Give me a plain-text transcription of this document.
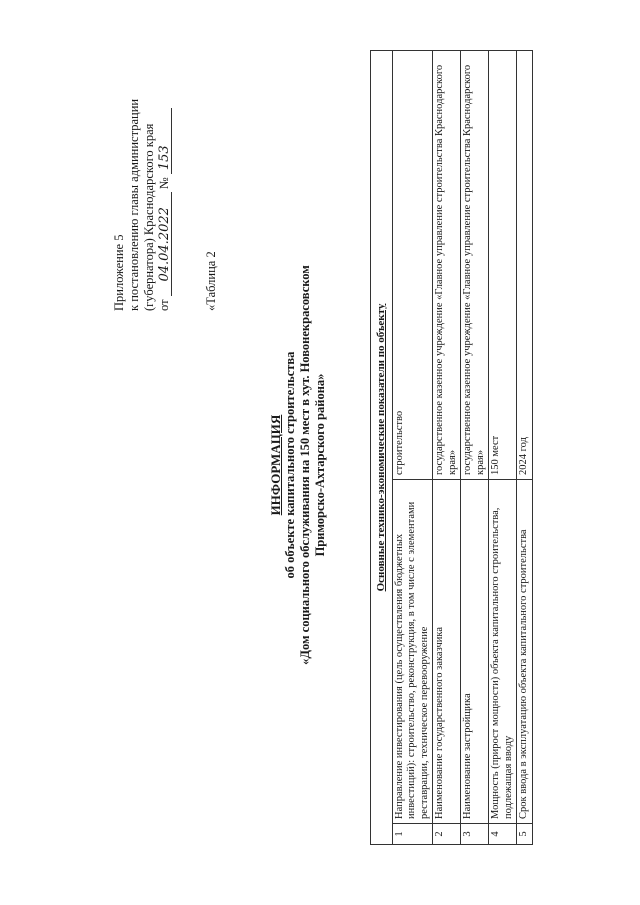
Приложение 5 к постановлению главы администрации (губернатора) Краснодарского края от 04.04.2022 № 153
«Таблица 2
ИНФОРМАЦИЯ об объекте капитального строительства «Дом социального обслуживания на 150 мест в хут. Новонекрасовском Приморско-Ахтарского района»	Основные технико-экономические показатели по объекту		
1	Направление инвестирования (цель осуществления бюджетных инвестиций): строительство, реконструкция, в том числе с элементами реставрации, техническое перевооружение	строительство
2	Наименование государственного заказчика	государственное казенное учреждение «Главное управление строительства Краснодарского края»
3	Наименование застройщика	государственное казенное учреждение «Главное управление строительства Краснодарского края»
4	Мощность (прирост мощности) объекта капитального строительства, подлежащая вводу	150 мест
5	Срок ввода в эксплуатацию объекта капитального строительства	2024 год
